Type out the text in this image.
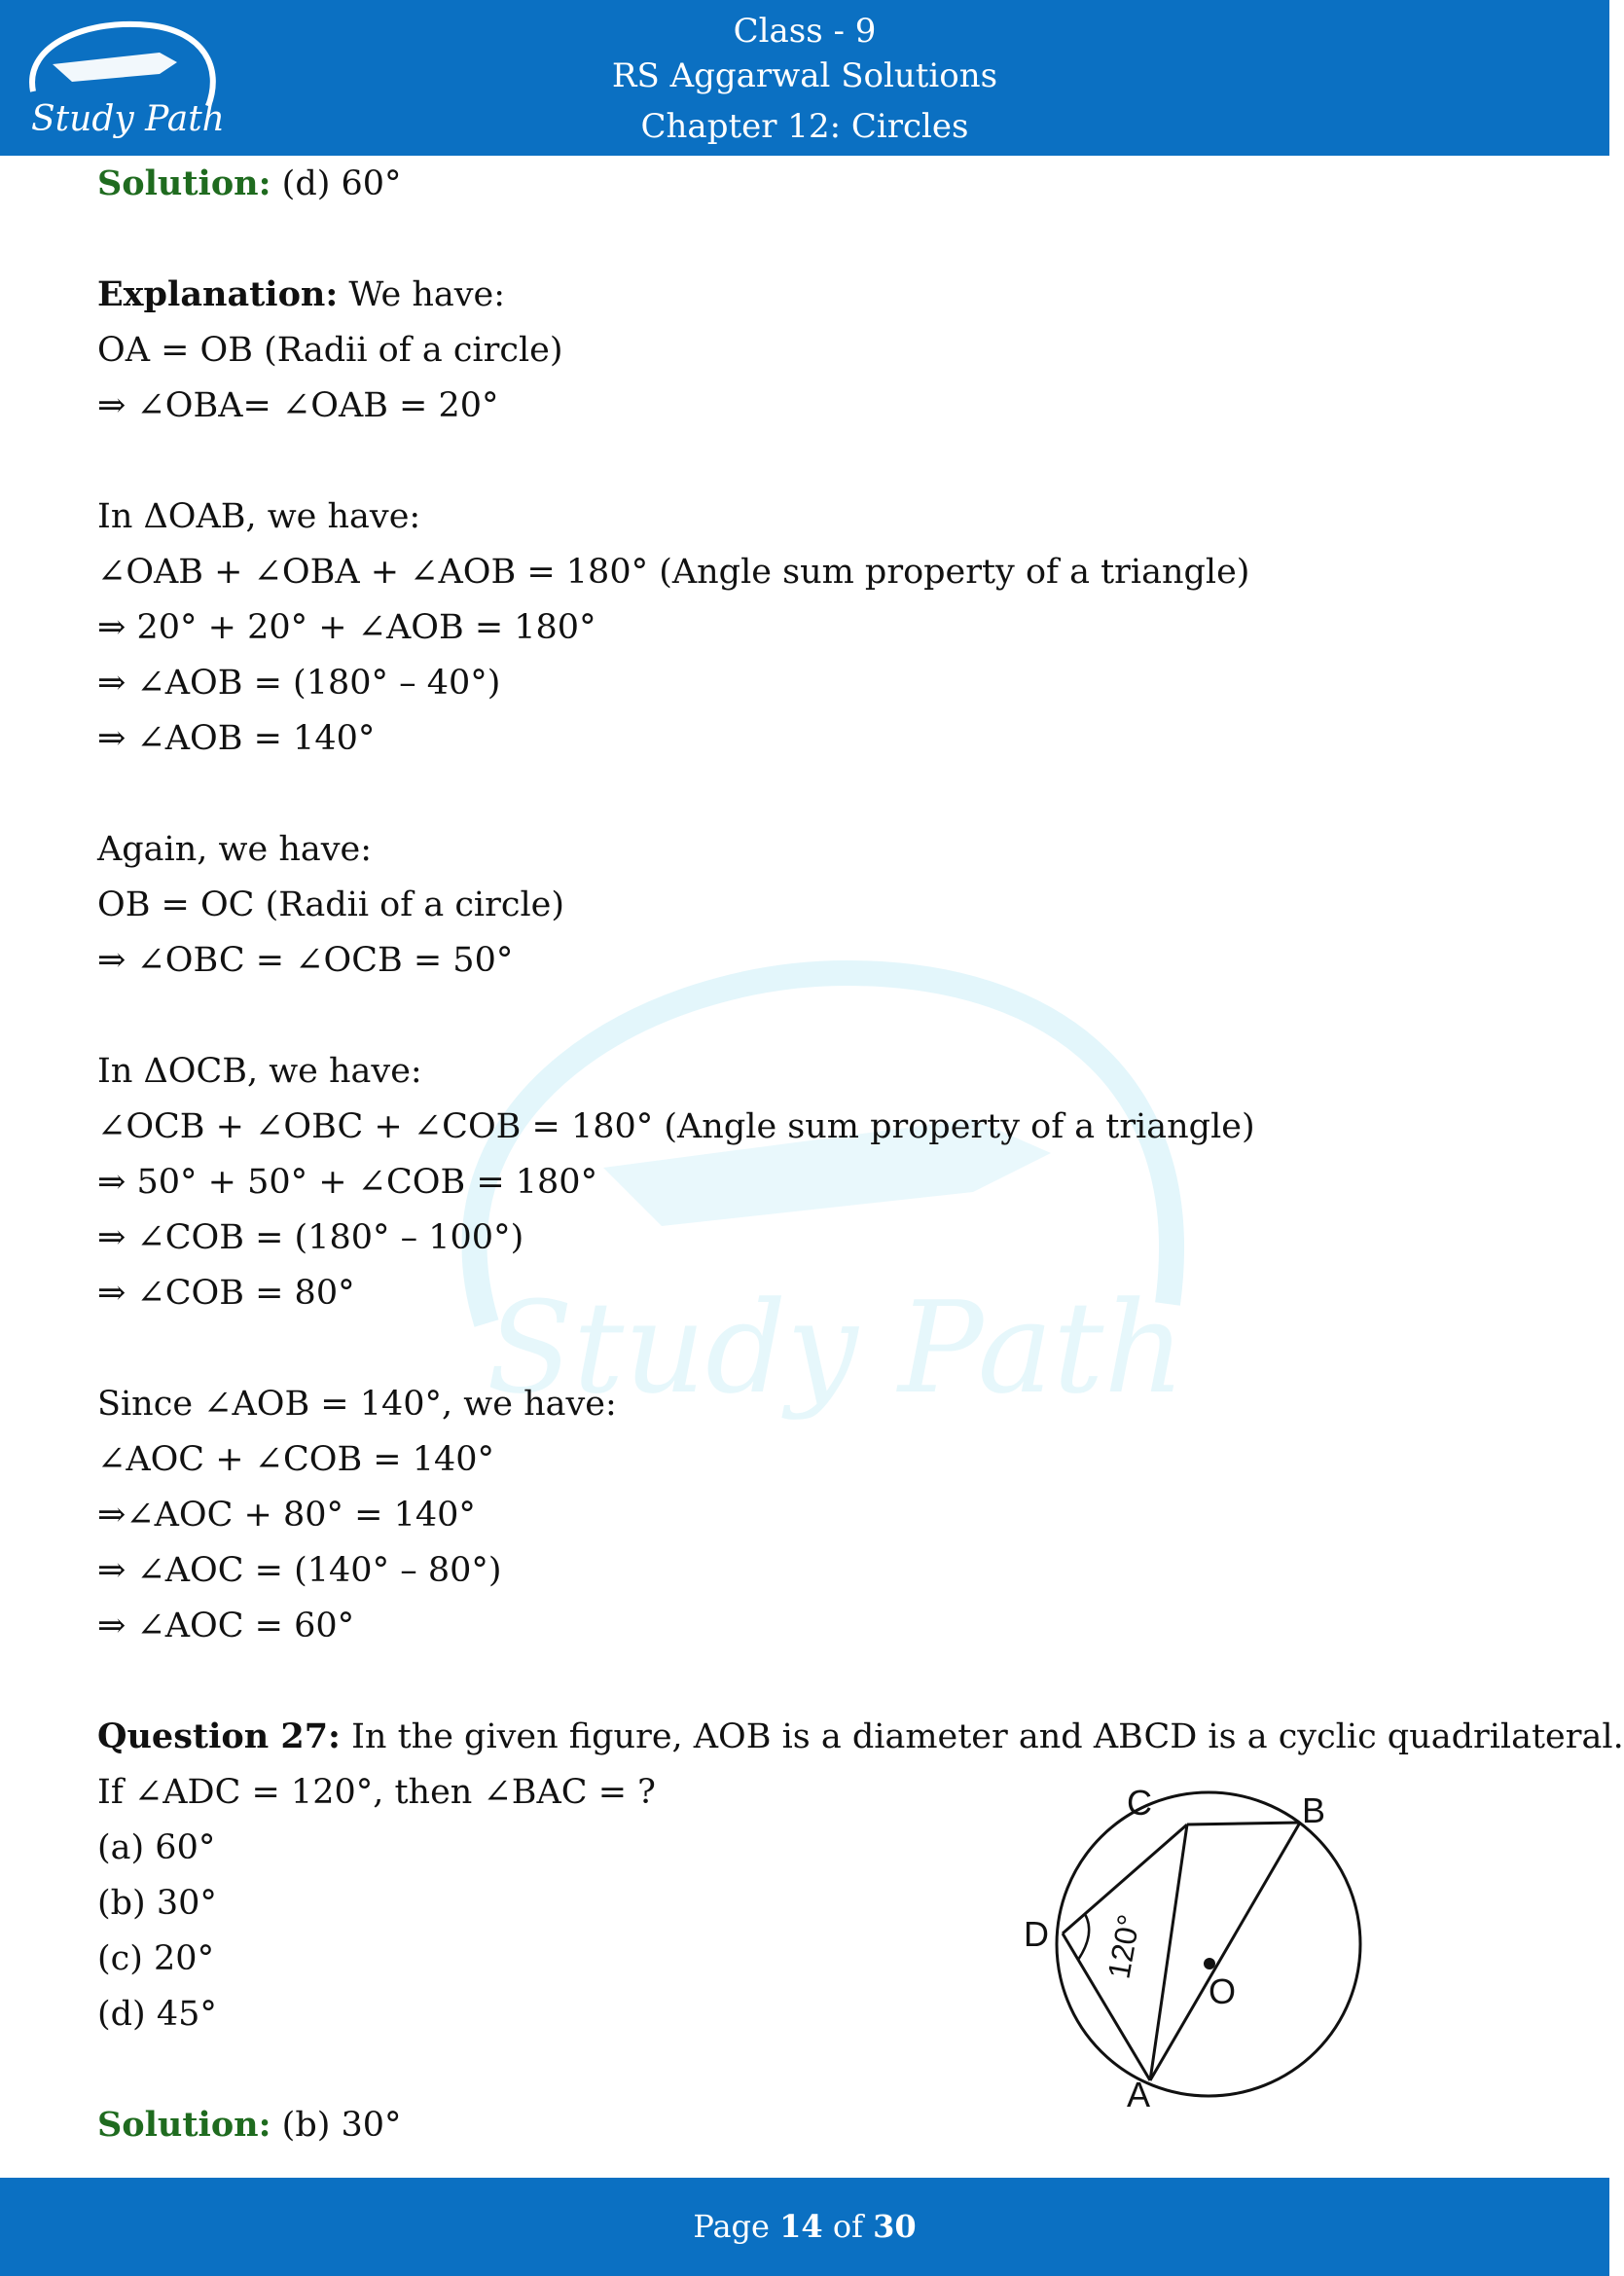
Study Path
Class - 9
RS Aggarwal Solutions
Chapter 12: Circles
Study Path
Solution: (d) 60°
Explanation: We have:
OA = OB (Radii of a circle)
⇒ ∠OBA= ∠OAB = 20°
In ΔOAB, we have:
∠OAB + ∠OBA + ∠AOB = 180° (Angle sum property of a triangle)
⇒ 20° + 20° + ∠AOB = 180°
⇒ ∠AOB = (180° – 40°)
⇒ ∠AOB = 140°
Again, we have:
OB = OC (Radii of a circle)
⇒ ∠OBC = ∠OCB = 50°
In ΔOCB, we have:
∠OCB + ∠OBC + ∠COB = 180° (Angle sum property of a triangle)
⇒ 50° + 50° + ∠COB = 180°
⇒ ∠COB = (180° – 100°)
⇒ ∠COB = 80°
Since ∠AOB = 140°, we have:
∠AOC + ∠COB = 140°
⇒∠AOC + 80° = 140°
⇒ ∠AOC = (140° – 80°)
⇒ ∠AOC = 60°
Question 27: In the given figure, AOB is a diameter and ABCD is a cyclic quadrilateral.
If ∠ADC = 120°, then ∠BAC = ?
(a) 60°
(b) 30°
(c) 20°
(d) 45°
Solution: (b) 30°
A
B
C
D
O
120°
Page 14 of 30
